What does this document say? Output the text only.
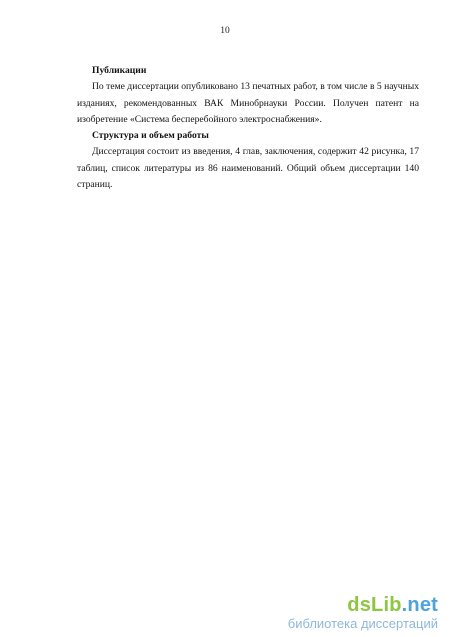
10

Публикации

По теме диссертации опубликовано 13 печатных работ, в том числе в 5 научных изданиях, рекомендованных ВАК Минобрнауки России. Получен патент на изобретение «Система бесперебойного электроснабжения».

Структура и объем работы

Диссертация состоит из введения, 4 глав, заключения, содержит 42 рисунка, 17 таблиц, список литературы из 86 наименований. Общий объем диссертации 140 страниц.

dsLib.net
библиотека диссертаций
